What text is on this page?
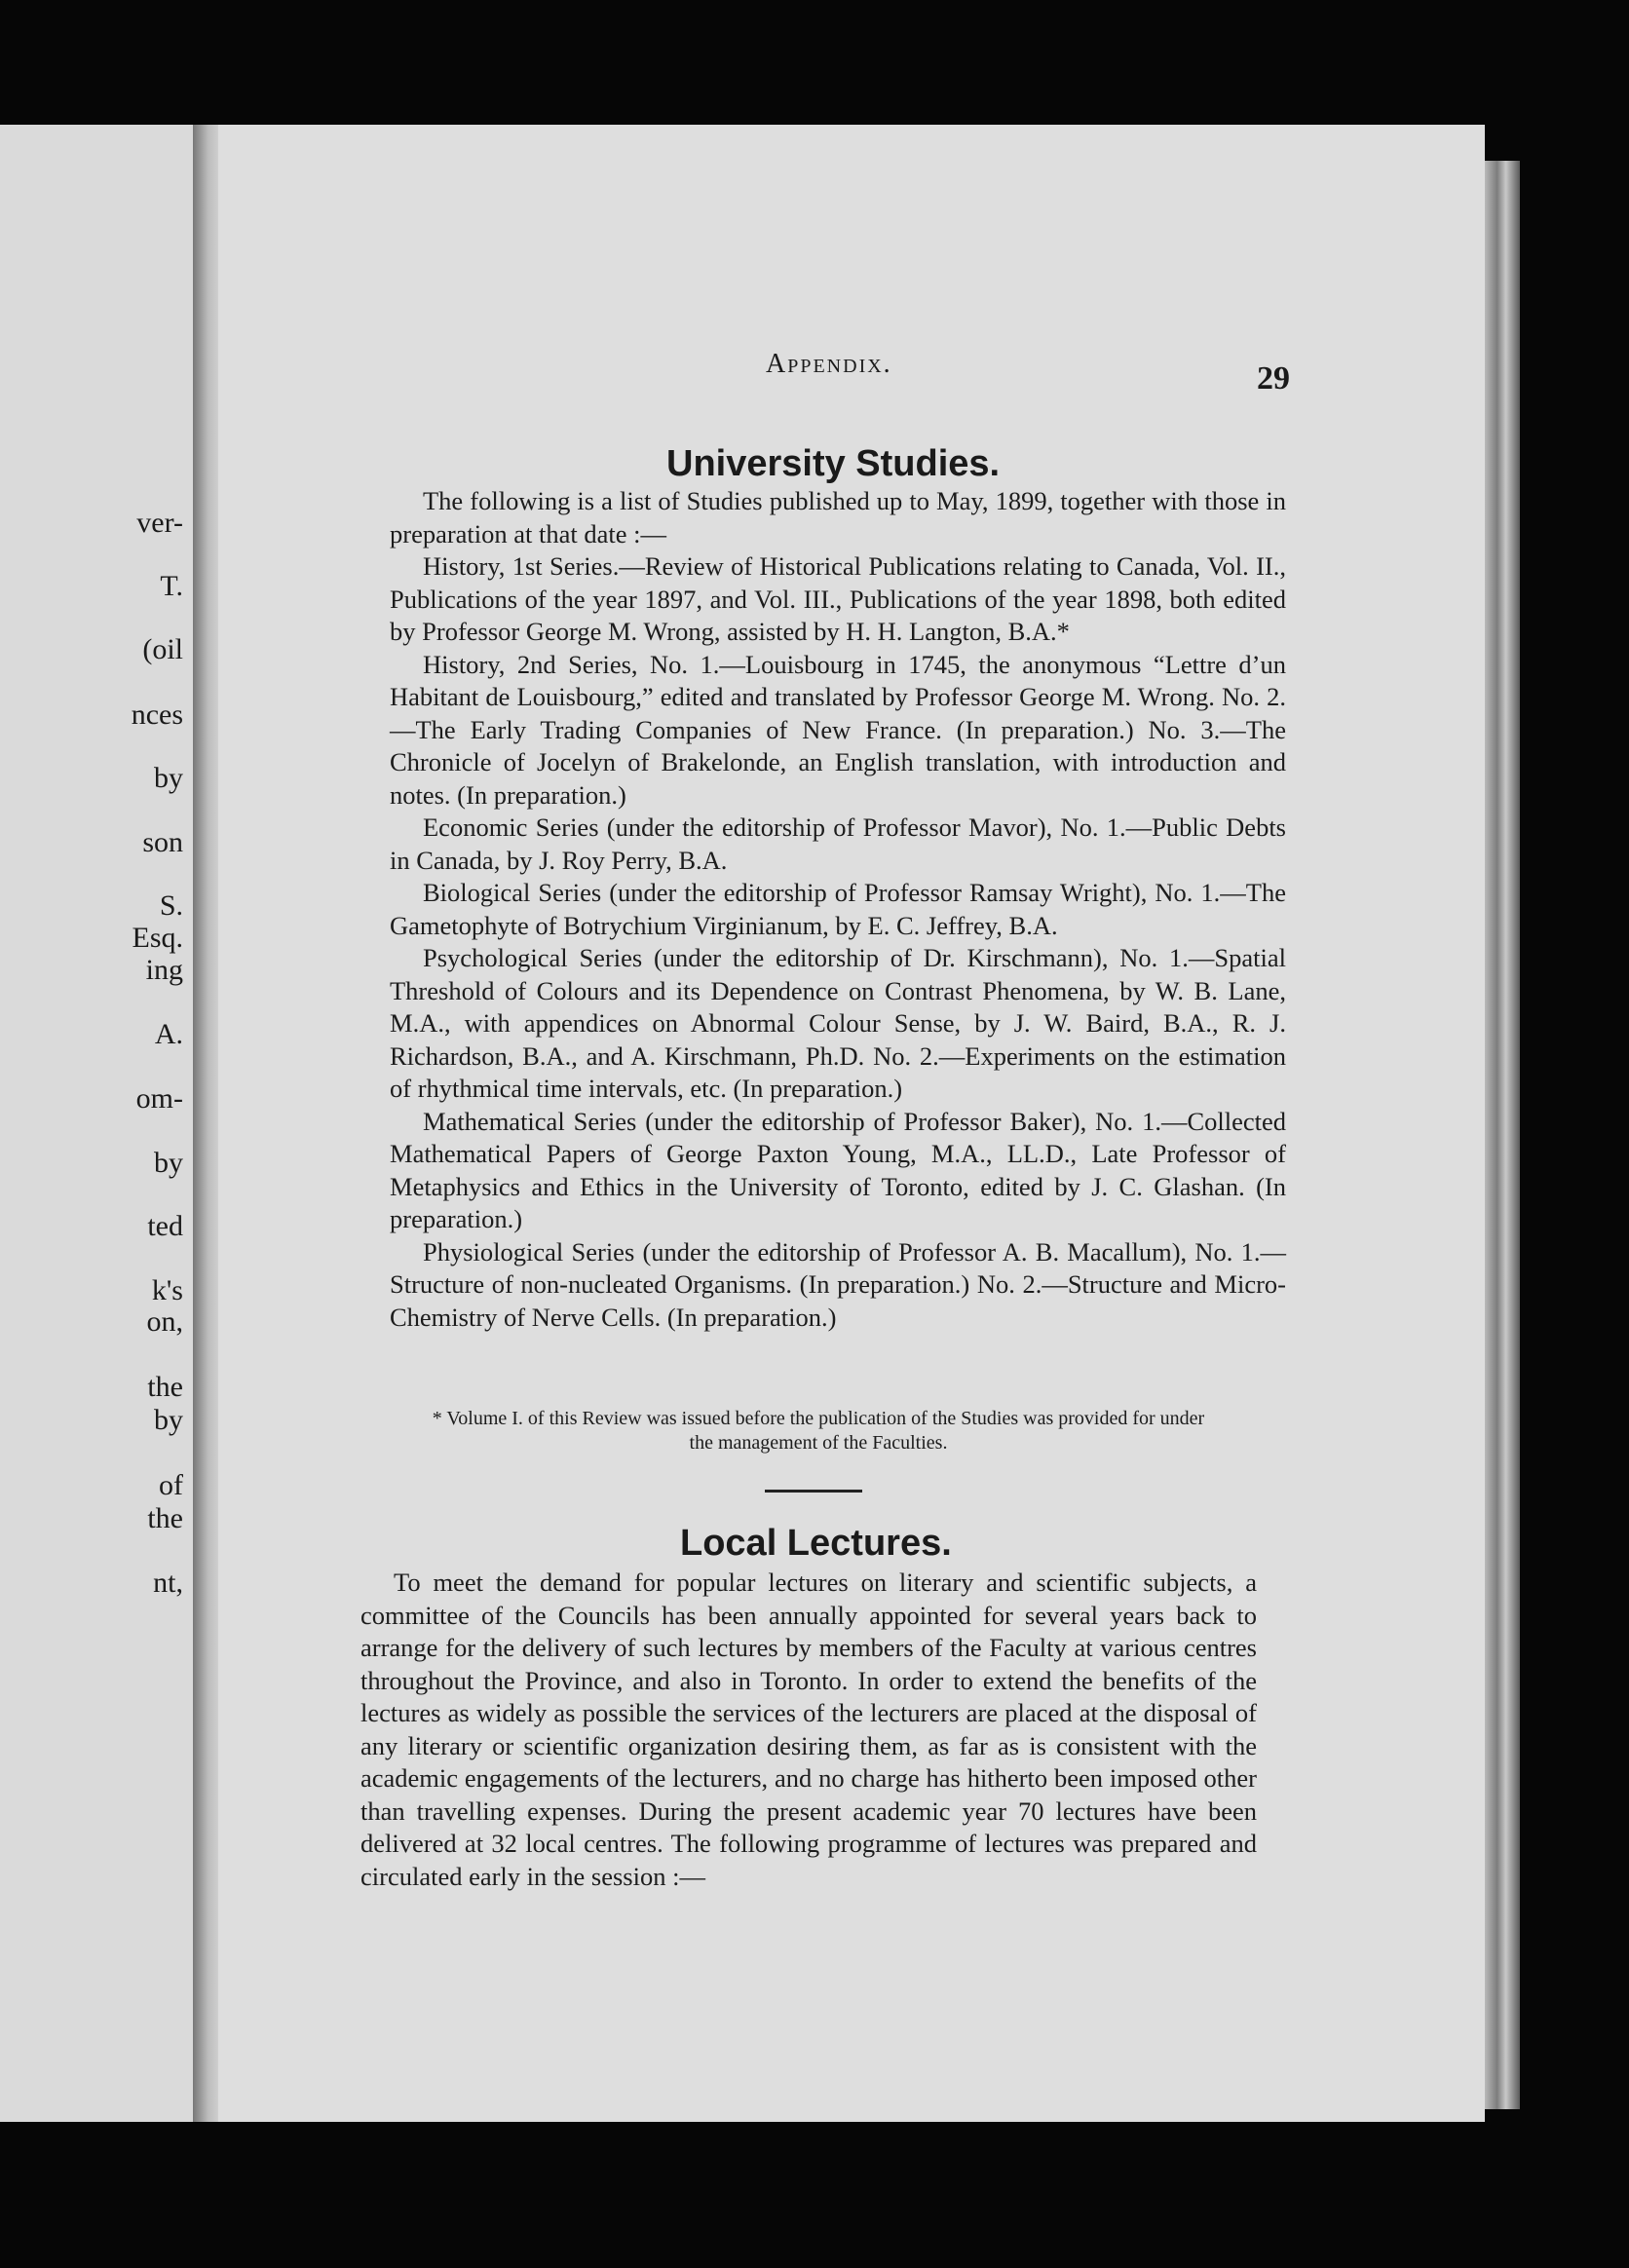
ver-
T.
(oil
nces
by
son
S.
Esq.
ing
A.
om-
by
ted
k's
on,
the
by
of
the
nt,
Appendix.	29
University Studies.

The following is a list of Studies published up to May, 1899, together with those in preparation at that date :—

History, 1st Series.—Review of Historical Publications relating to Canada, Vol. II., Publications of the year 1897, and Vol. III., Publications of the year 1898, both edited by Professor George M. Wrong, assisted by H. H. Langton, B.A.*

History, 2nd Series, No. 1.—Louisbourg in 1745, the anonymous “Lettre d’un Habitant de Louisbourg,” edited and translated by Professor George M. Wrong. No. 2.—The Early Trading Companies of New France. (In preparation.) No. 3.—The Chronicle of Jocelyn of Brakelonde, an English translation, with introduction and notes. (In preparation.)

Economic Series (under the editorship of Professor Mavor), No. 1.—Public Debts in Canada, by J. Roy Perry, B.A.

Biological Series (under the editorship of Professor Ramsay Wright), No. 1.—The Gametophyte of Botrychium Virginianum, by E. C. Jeffrey, B.A.

Psychological Series (under the editorship of Dr. Kirschmann), No. 1.—Spatial Threshold of Colours and its Dependence on Contrast Phenomena, by W. B. Lane, M.A., with appendices on Abnormal Colour Sense, by J. W. Baird, B.A., R. J. Richardson, B.A., and A. Kirschmann, Ph.D. No. 2.—Experiments on the estimation of rhythmical time intervals, etc. (In preparation.)

Mathematical Series (under the editorship of Professor Baker), No. 1.—Collected Mathematical Papers of George Paxton Young, M.A., LL.D., Late Professor of Metaphysics and Ethics in the University of Toronto, edited by J. C. Glashan. (In preparation.)

Physiological Series (under the editorship of Professor A. B. Macallum), No. 1.—Structure of non-nucleated Organisms. (In preparation.) No. 2.—Structure and Micro-Chemistry of Nerve Cells. (In preparation.)

* Volume I. of this Review was issued before the publication of the Studies was provided for under the management of the Faculties.
Local Lectures.

To meet the demand for popular lectures on literary and scientific subjects, a committee of the Councils has been annually appointed for several years back to arrange for the delivery of such lectures by members of the Faculty at various centres throughout the Province, and also in Toronto. In order to extend the benefits of the lectures as widely as possible the services of the lecturers are placed at the disposal of any literary or scientific organization desiring them, as far as is consistent with the academic engagements of the lecturers, and no charge has hitherto been imposed other than travelling expenses. During the present academic year 70 lectures have been delivered at 32 local centres. The following programme of lectures was prepared and circulated early in the session :—
